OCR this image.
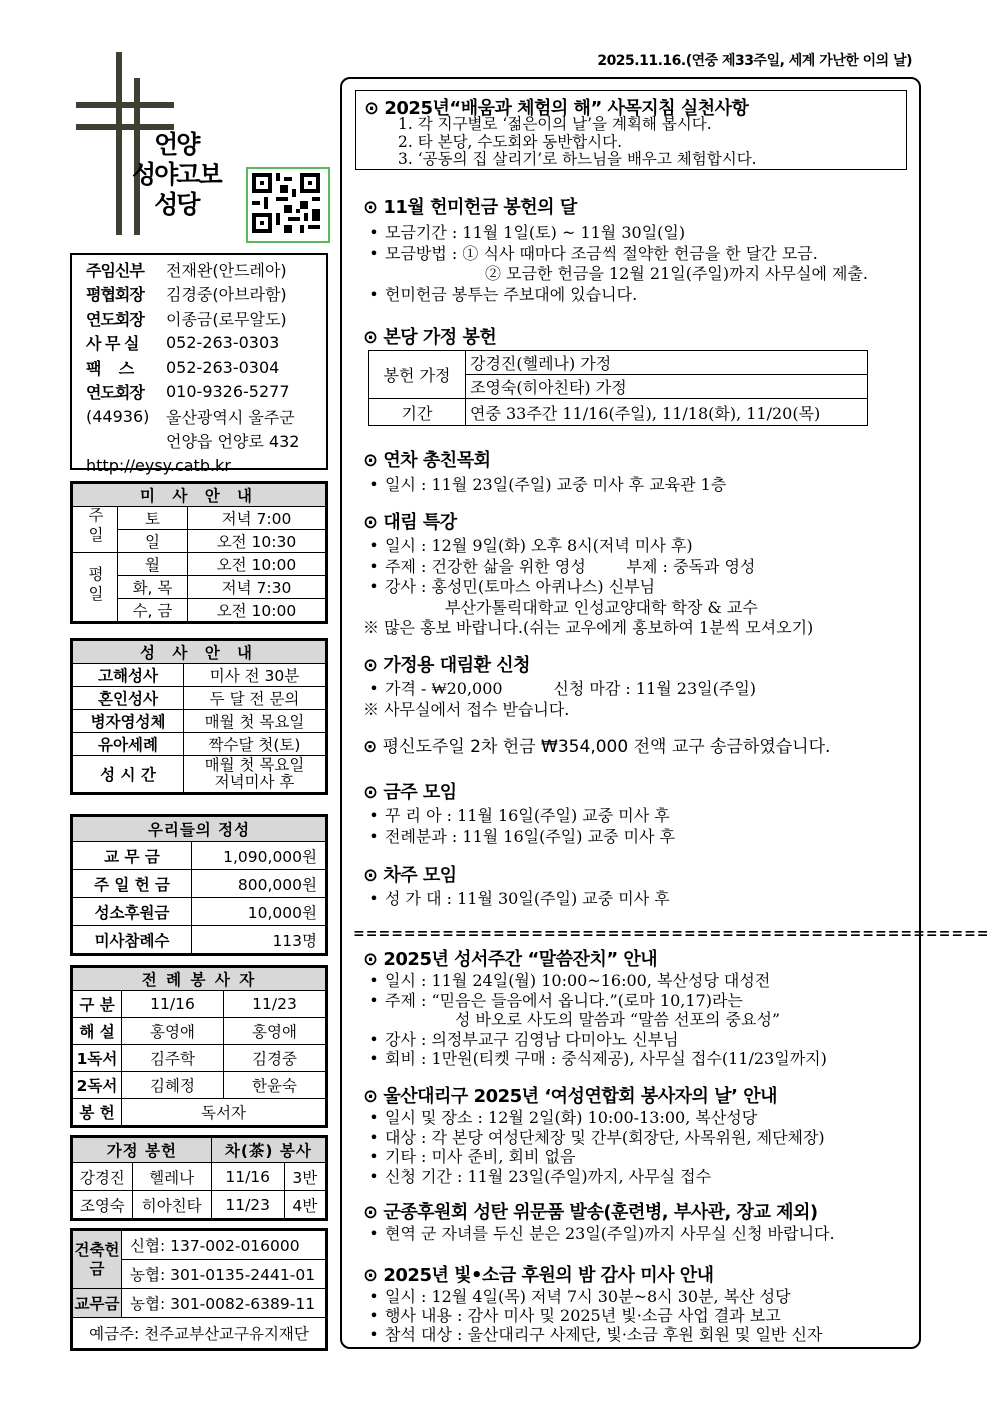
2025.11.16.(연중 제33주일, 세계 가난한 이의 날)
언양
성야고보
성당
주임신부	전재완(안드레아)
평협회장	김경중(아브라함)
연도회장	이종금(로무알도)
사 무 실	052-263-0303
팩    스	052-263-0304
연도회장	010-9326-5277
(44936)	울산광역시 울주군
언양읍 언양로 432
http://eysy.catb.kr
미 사 안 내		
주일	토	저녁 7:00
	일	오전 10:30
평일	월	오전 10:00
	화, 목	저녁 7:30
	수, 금	오전 10:00
성 사 안 내	
고해성사	미사 전 30분
혼인성사	두 달 전 문의
병자영성체	매월 첫 목요일
유아세례	짝수달 첫(토)
성 시 간	매월 첫 목요일
저녁미사 후
우리들의 정성	
교 무 금	1,090,000원
주 일 헌 금	800,000원
성소후원금	10,000원
미사참례수	113명
전 례 봉 사 자		
구 분	11/16	11/23
해 설	홍영애	홍영애
1독서	김주학	김경중
2독서	김혜정	한윤숙
봉 헌	독서자	
가정 봉헌		차(茶) 봉사	
강경진	헬레나	11/16	3반
조영숙	히아친타	11/23	4반
건축헌금	신협: 137-002-016000
	농협: 301-0135-2441-01
교무금	농협: 301-0082-6389-11
예금주: 천주교부산교구유지재단	
⊙ 2025년“배움과 체험의 해” 사목지침 실천사항
1. 각 지구별로 ‘젊은이의 날’을 계획해 봅시다.
2. 타 본당, 수도회와 동반합시다.
3. ‘공동의 집 살리기’로 하느님을 배우고 체험합시다.
⊙ 11월 헌미헌금 봉헌의 달
• 모금기간 : 11월 1일(토) ~ 11월 30일(일)
• 모금방법 : ① 식사 때마다 조금씩 절약한 헌금을 한 달간 모금.
② 모금한 헌금을 12월 21일(주일)까지 사무실에 제출.
• 헌미헌금 봉투는 주보대에 있습니다.
⊙ 본당 가정 봉헌
봉헌 가정	강경진(헬레나) 가정
	조영숙(히아친타) 가정
기간	연중 33주간 11/16(주일), 11/18(화), 11/20(목)
⊙ 연차 총친목회
• 일시 : 11월 23일(주일) 교중 미사 후 교육관 1층
⊙ 대림 특강
• 일시 : 12월 9일(화) 오후 8시(저녁 미사 후)
• 주제 : 건강한 삶을 위한 영성        부제 : 중독과 영성
• 강사 : 홍성민(토마스 아퀴나스) 신부님
부산가톨릭대학교 인성교양대학 학장 & 교수
※ 많은 홍보 바랍니다.(쉬는 교우에게 홍보하여 1분씩 모셔오기)
⊙ 가정용 대림환 신청
• 가격 - ₩20,000          신청 마감 : 11월 23일(주일)
※ 사무실에서 접수 받습니다.
⊙ 평신도주일 2차 헌금 ₩354,000 전액 교구 송금하였습니다.
⊙ 금주 모임
• 꾸 리 아 : 11월 16일(주일) 교중 미사 후
• 전례분과 : 11월 16일(주일) 교중 미사 후
⊙ 차주 모임
• 성 가 대 : 11월 30일(주일) 교중 미사 후
==================================================
⊙ 2025년 성서주간 “말씀잔치” 안내
• 일시 : 11월 24일(월) 10:00~16:00, 복산성당 대성전
• 주제 : “믿음은 들음에서 옵니다.”(로마 10,17)라는
성 바오로 사도의 말씀과 “말씀 선포의 중요성”
• 강사 : 의정부교구 김영남 다미아노 신부님
• 회비 : 1만원(티켓 구매 : 중식제공), 사무실 접수(11/23일까지)
⊙ 울산대리구 2025년 ‘여성연합회 봉사자의 날’ 안내
• 일시 및 장소 : 12월 2일(화) 10:00-13:00, 복산성당
• 대상 : 각 본당 여성단체장 및 간부(회장단, 사목위원, 제단체장)
• 기타 : 미사 준비, 회비 없음
• 신청 기간 : 11월 23일(주일)까지, 사무실 접수
⊙ 군종후원회 성탄 위문품 발송(훈련병, 부사관, 장교 제외)
• 현역 군 자녀를 두신 분은 23일(주일)까지 사무실 신청 바랍니다.
⊙ 2025년 빛•소금 후원의 밤 감사 미사 안내
• 일시 : 12월 4일(목) 저녁 7시 30분~8시 30분, 복산 성당
• 행사 내용 : 감사 미사 및 2025년 빛·소금 사업 결과 보고
• 참석 대상 : 울산대리구 사제단, 빛·소금 후원 회원 및 일반 신자
